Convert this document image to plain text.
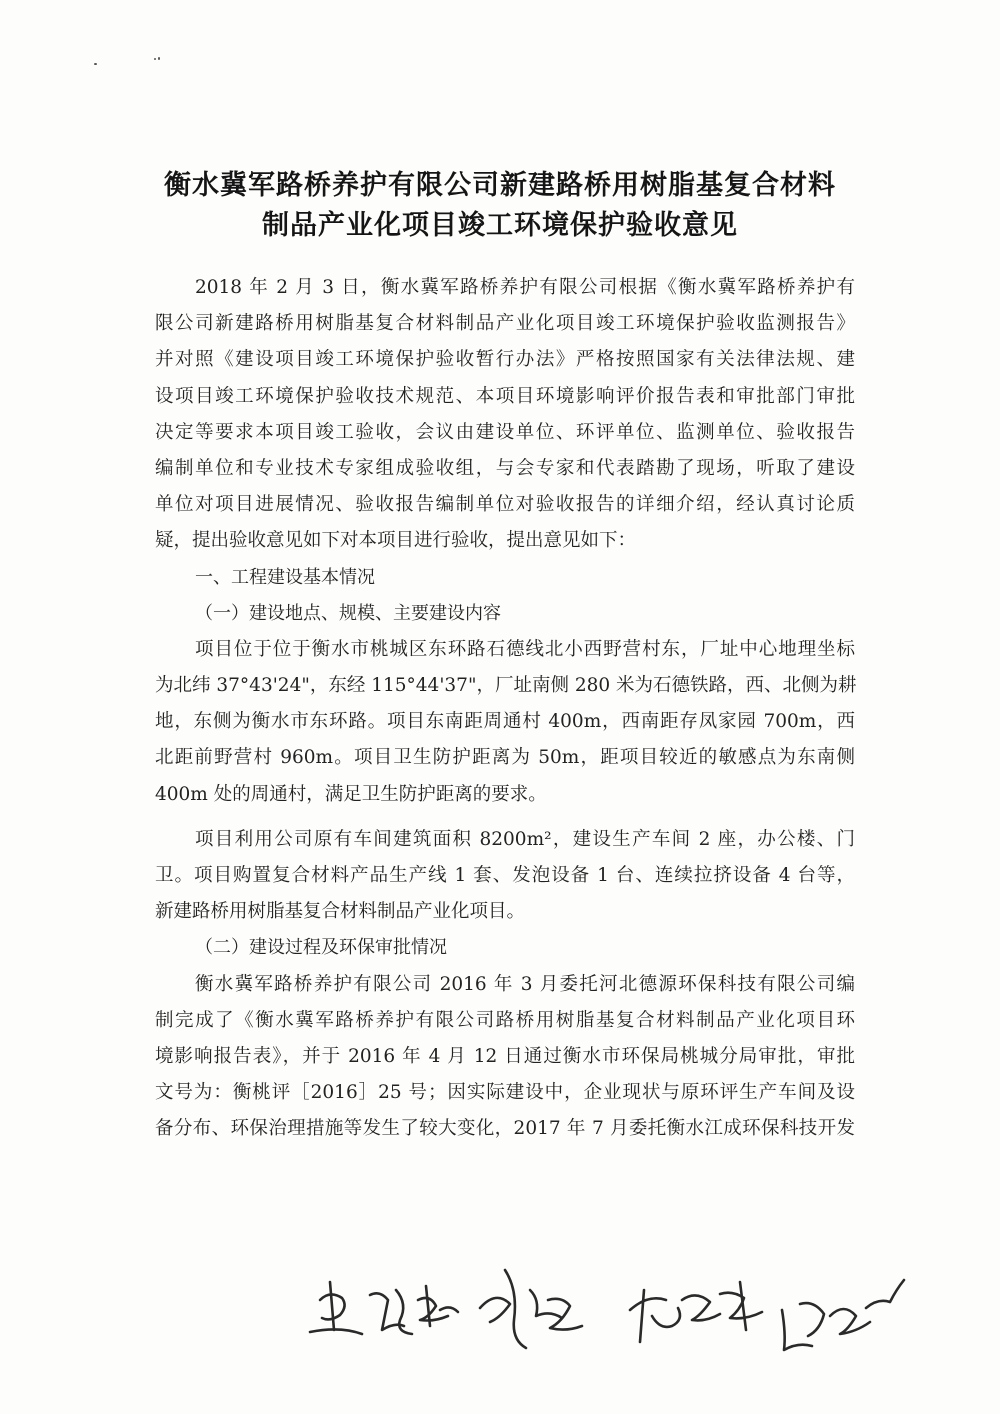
衡水冀军路桥养护有限公司新建路桥用树脂基复合材料
制品产业化项目竣工环境保护验收意见
2018 年 2 月 3 日，衡水冀军路桥养护有限公司根据《衡水冀军路桥养护有
限公司新建路桥用树脂基复合材料制品产业化项目竣工环境保护验收监测报告》
并对照《建设项目竣工环境保护验收暂行办法》严格按照国家有关法律法规、建
设项目竣工环境保护验收技术规范、本项目环境影响评价报告表和审批部门审批
决定等要求本项目竣工验收，会议由建设单位、环评单位、监测单位、验收报告
编制单位和专业技术专家组成验收组，与会专家和代表踏勘了现场，听取了建设
单位对项目进展情况、验收报告编制单位对验收报告的详细介绍，经认真讨论质
疑，提出验收意见如下对本项目进行验收，提出意见如下：
一、工程建设基本情况
（一）建设地点、规模、主要建设内容
项目位于位于衡水市桃城区东环路石德线北小西野营村东，厂址中心地理坐标
为北纬 37°43'24"，东经 115°44'37"，厂址南侧 280 米为石德铁路，西、北侧为耕
地，东侧为衡水市东环路。项目东南距周通村 400m，西南距存凤家园 700m，西
北距前野营村 960m。项目卫生防护距离为 50m，距项目较近的敏感点为东南侧
400m 处的周通村，满足卫生防护距离的要求。
项目利用公司原有车间建筑面积 8200m²，建设生产车间 2 座，办公楼、门
卫。项目购置复合材料产品生产线 1 套、发泡设备 1 台、连续拉挤设备 4 台等，
新建路桥用树脂基复合材料制品产业化项目。
（二）建设过程及环保审批情况
衡水冀军路桥养护有限公司 2016 年 3 月委托河北德源环保科技有限公司编
制完成了《衡水冀军路桥养护有限公司路桥用树脂基复合材料制品产业化项目环
境影响报告表》，并于 2016 年 4 月 12 日通过衡水市环保局桃城分局审批，审批
文号为：衡桃评［2016］25 号；因实际建设中，企业现状与原环评生产车间及设
备分布、环保治理措施等发生了较大变化，2017 年 7 月委托衡水江成环保科技开发
